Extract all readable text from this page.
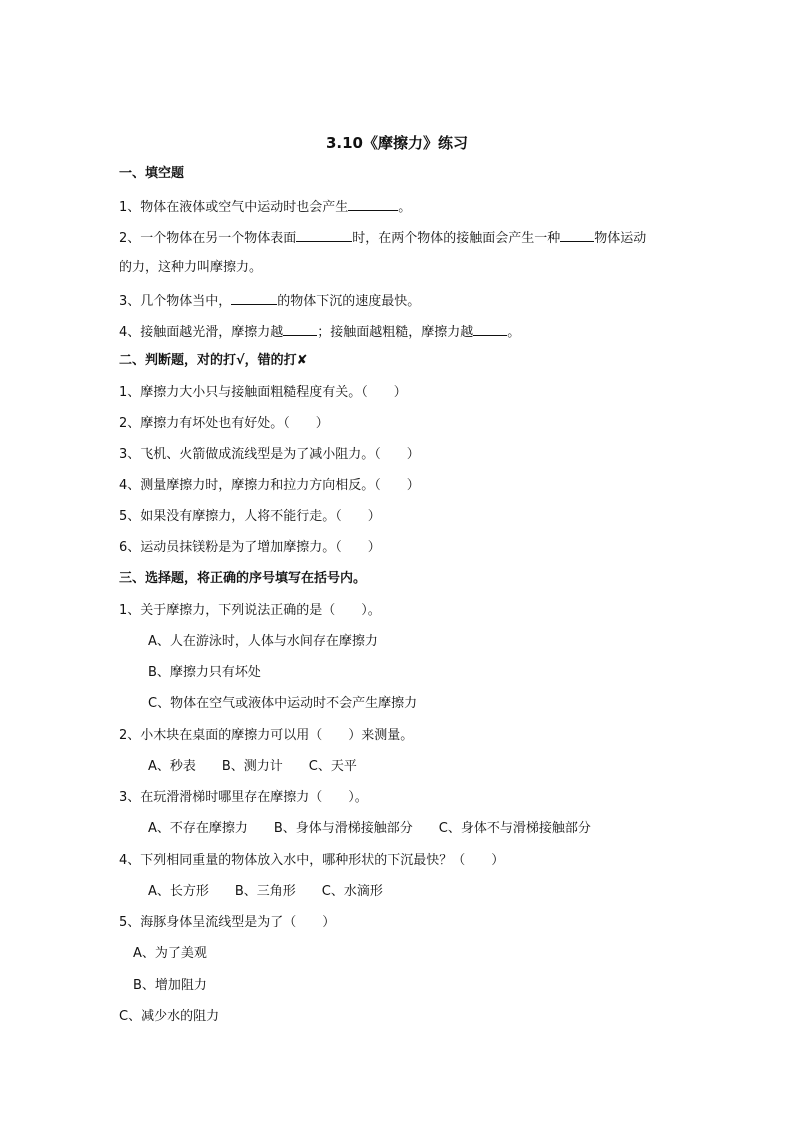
3.10《摩擦力》练习
一、填空题
1、物体在液体或空气中运动时也会产生	。
2、一个物体在另一个物体表面	时，在两个物体的接触面会产生一种	物体运动
的力，这种力叫摩擦力。
3、几个物体当中，	的物体下沉的速度最快。
4、接触面越光滑，摩擦力越	；接触面越粗糙，摩擦力越	。
二、判断题，对的打√，错的打✘
1、摩擦力大小只与接触面粗糙程度有关。（　　）
2、摩擦力有坏处也有好处。（　　）
3、飞机、火箭做成流线型是为了减小阻力。（　　）
4、测量摩擦力时，摩擦力和拉力方向相反。（　　）
5、如果没有摩擦力，人将不能行走。（　　）
6、运动员抹镁粉是为了增加摩擦力。（　　）
三、选择题，将正确的序号填写在括号内。
1、关于摩擦力，下列说法正确的是（　　）。
A、人在游泳时，人体与水间存在摩擦力
B、摩擦力只有坏处
C、物体在空气或液体中运动时不会产生摩擦力
2、小木块在桌面的摩擦力可以用（　　）来测量。
A、秒表　　B、测力计　　C、天平
3、在玩滑滑梯时哪里存在摩擦力（　　）。
A、不存在摩擦力　　B、身体与滑梯接触部分　　C、身体不与滑梯接触部分
4、下列相同重量的物体放入水中，哪种形状的下沉最快？（　　）
A、长方形　　B、三角形　　C、水滴形
5、海豚身体呈流线型是为了（　　）
A、为了美观
B、增加阻力
C、减少水的阻力
